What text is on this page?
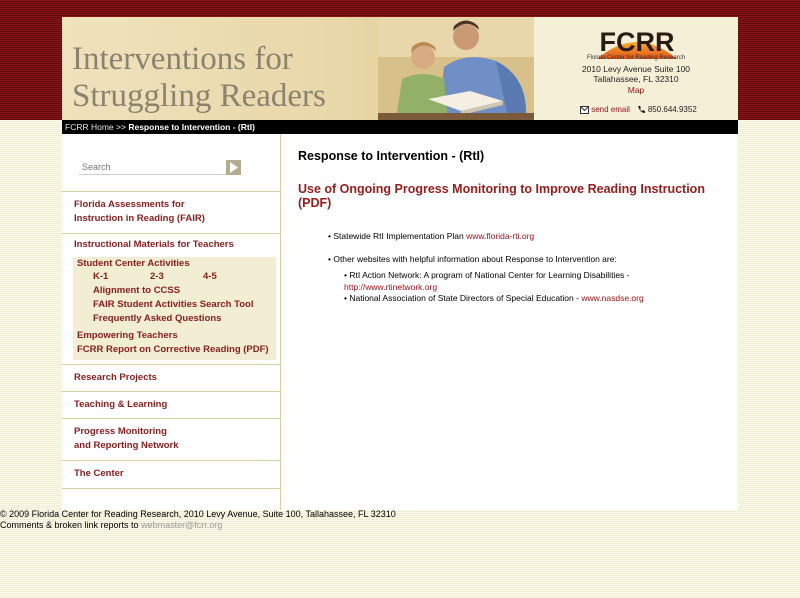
Interventions for
Struggling Readers
FCRR
Florida Center for Reading Research
2010 Levy Avenue Suite 100
Tallahassee, FL 32310
Map
send email 850.644.9352
FCRR Home >> Response to Intervention - (RtI)
Search
Florida Assessments for
Instruction in Reading (FAIR)
Instructional Materials for Teachers
Student Center Activities
K-1	2-3	4-5
Alignment to CCSS
FAIR Student Activities Search Tool
Frequently Asked Questions
Empowering Teachers
FCRR Report on Corrective Reading (PDF)
Research Projects
Teaching & Learning
Progress Monitoring
and Reporting Network
The Center
Response to Intervention - (RtI)
Use of Ongoing Progress Monitoring to Improve Reading Instruction (PDF)
• Statewide RtI Implementation Plan www.florida-rti.org
• Other websites with helpful information about Response to Intervention are:
• RtI Action Network: A program of National Center for Learning Disabilities -
http://www.rtinetwork.org
• National Association of State Directors of Special Education - www.nasdse.org
© 2009 Florida Center for Reading Research, 2010 Levy Avenue, Suite 100, Tallahassee, FL 32310
Comments & broken link reports to webmaster@fcrr.org
